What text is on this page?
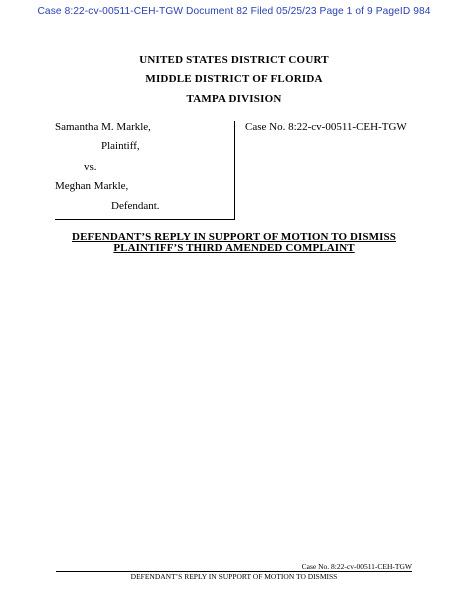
Case 8:22-cv-00511-CEH-TGW Document 82 Filed 05/25/23 Page 1 of 9 PageID 984
UNITED STATES DISTRICT COURT
MIDDLE DISTRICT OF FLORIDA
TAMPA DIVISION
Samantha M. Markle,
Plaintiff,
vs.
Meghan Markle,
Defendant.
Case No. 8:22-cv-00511-CEH-TGW
DEFENDANT’S REPLY IN SUPPORT OF MOTION TO DISMISS
PLAINTIFF’S THIRD AMENDED COMPLAINT
Case No. 8:22-cv-00511-CEH-TGW
DEFENDANT’S REPLY IN SUPPORT OF MOTION TO DISMISS
